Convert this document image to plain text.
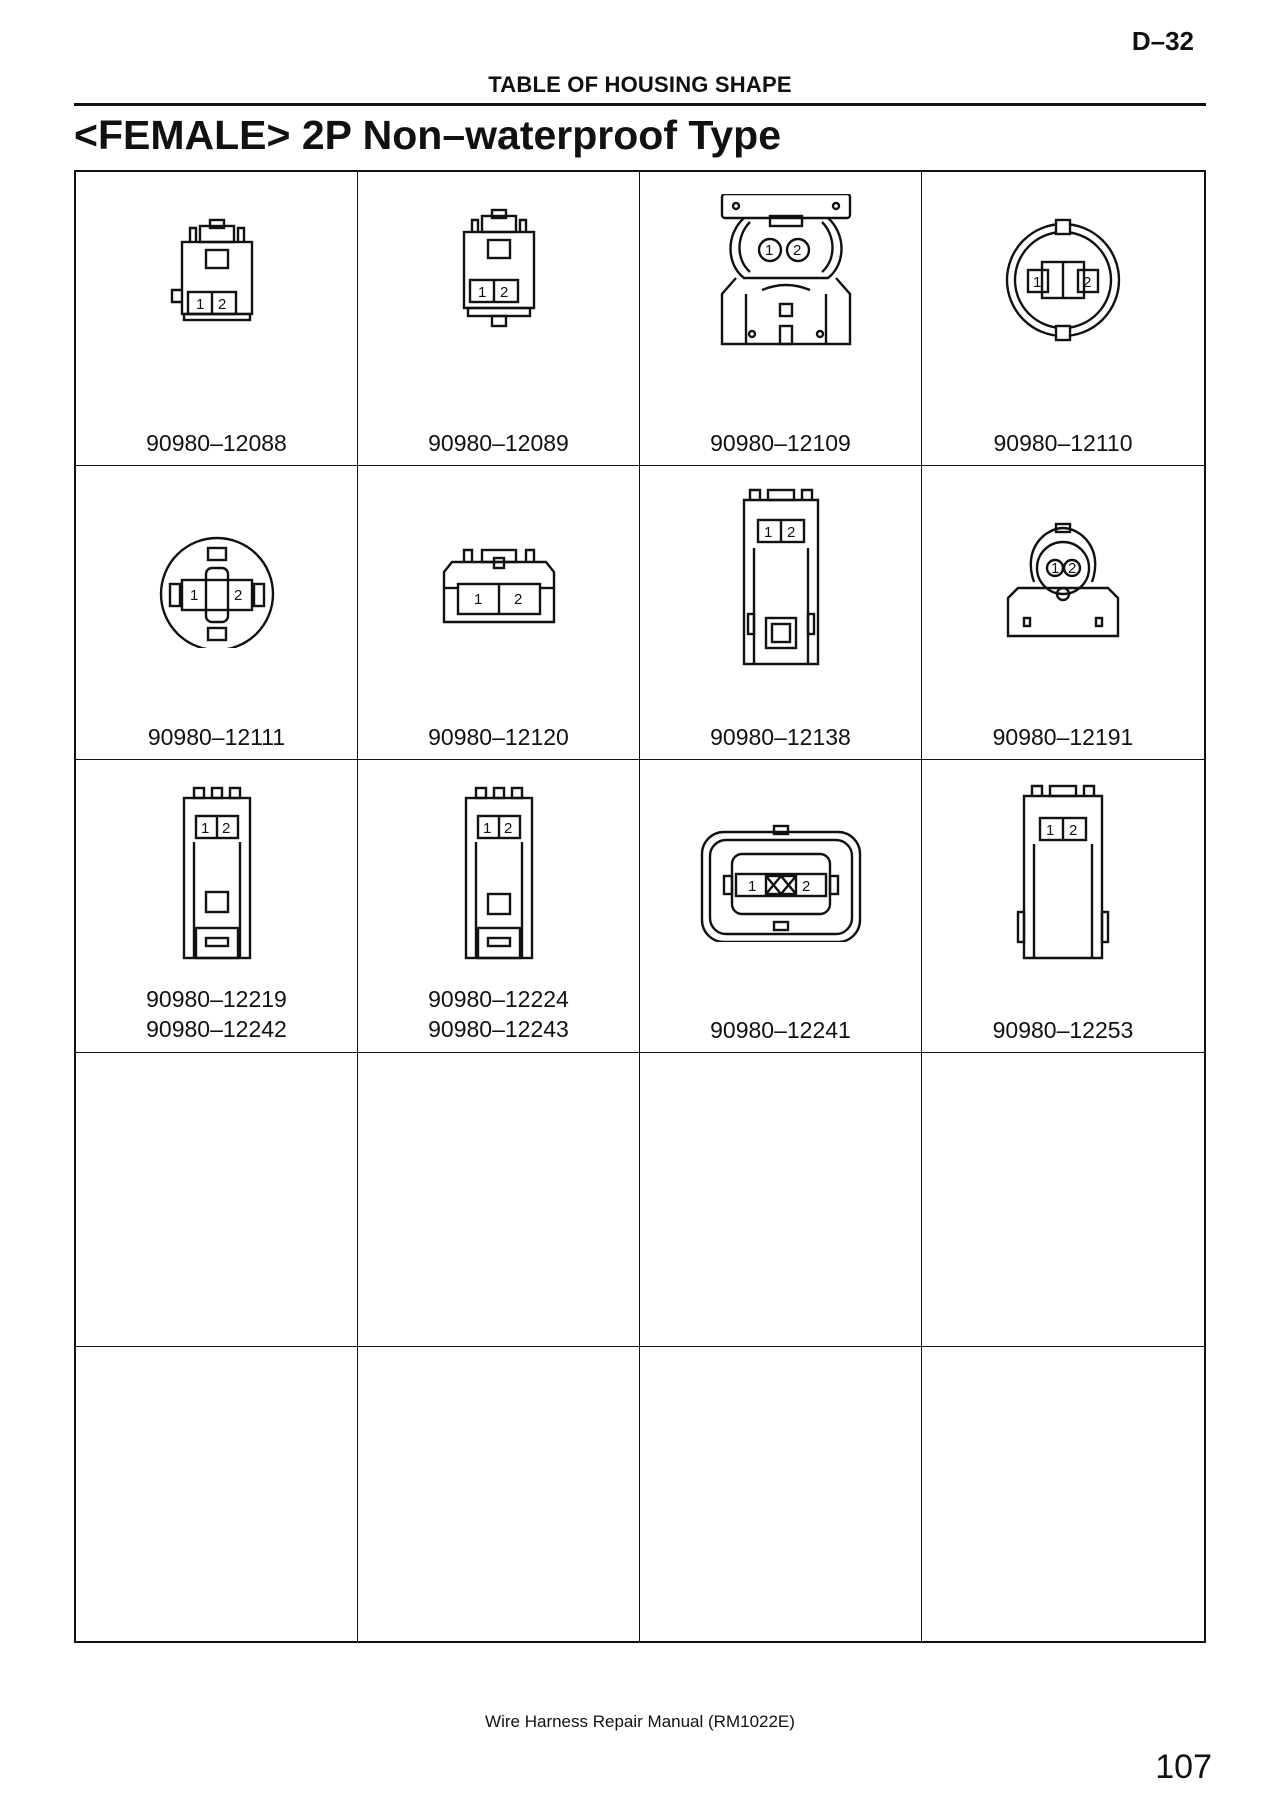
D–32
TABLE OF HOUSING SHAPE
<FEMALE> 2P Non–waterproof Type
1 2
90980–12088
1 2
90980–12089
1 2
90980–12109
1	2
90980–12110
1 2
90980–12111
1 2
90980–12120
1 2
90980–12138
1 2
90980–12191
1 2
90980–12219
90980–12242
1 2
90980–12224
90980–12243
1	2
90980–12241
1 2
90980–12253
Wire Harness Repair Manual (RM1022E)
107
